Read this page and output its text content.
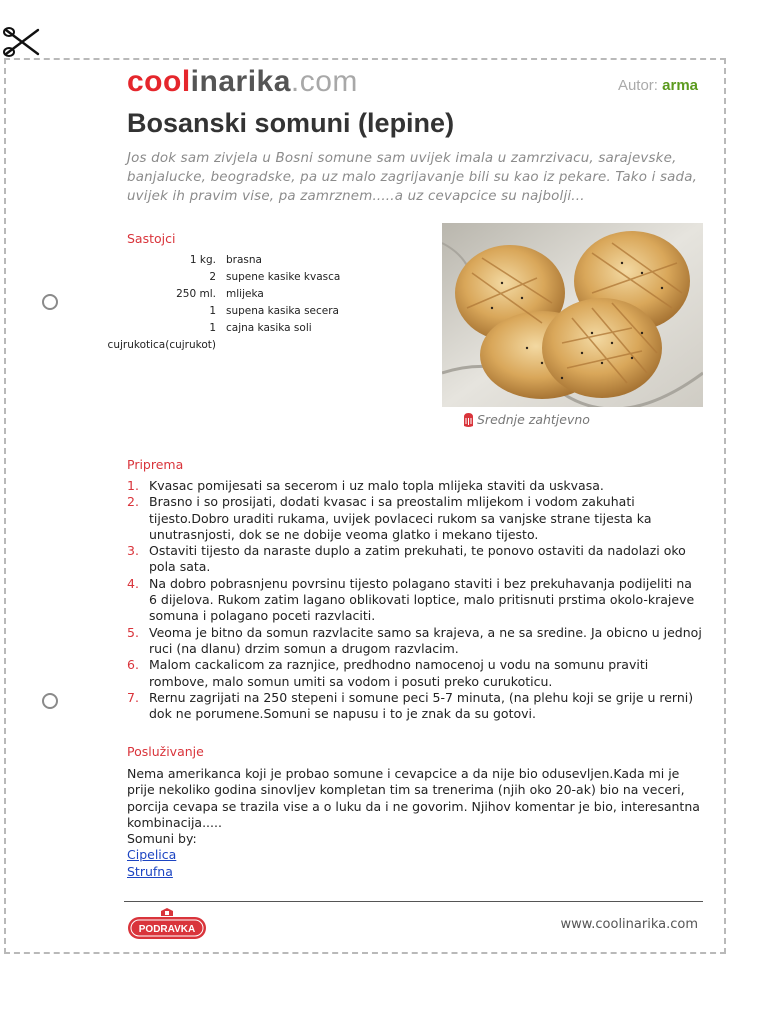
coolinarika.com	Autor: arma
Bosanski somuni (lepine)

Jos dok sam zivjela u Bosni somune sam uvijek imala u zamrzivacu, sarajevske, banjalucke, beogradske, pa uz malo zagrijavanje bili su kao iz pekare. Tako i sada, uvijek ih pravim vise, pa zamrznem.....a uz cevapcice su najbolji...

Sastojci
1 kg. brasna
2 supene kasike kvasca
250 ml. mlijeka
1 supena kasika secera
1 cajna kasika soli
cujrukotica(cujrukot)
Srednje zahtjevno
Priprema
1. Kvasac pomijesati sa secerom i uz malo topla mlijeka staviti da uskvasa.
2. Brasno i so prosijati, dodati kvasac i sa preostalim mlijekom i vodom zakuhati tijesto.Dobro uraditi rukama, uvijek povlaceci rukom sa vanjske strane tijesta ka unutrasnjosti, dok se ne dobije veoma glatko i mekano tijesto.
3. Ostaviti tijesto da naraste duplo a zatim prekuhati, te ponovo ostaviti da nadolazi oko pola sata.
4. Na dobro pobrasnjenu povrsinu tijesto polagano staviti i bez prekuhavanja podijeliti na 6 dijelova. Rukom zatim lagano oblikovati loptice, malo pritisnuti prstima okolo-krajeve somuna i polagano poceti razvlaciti.
5. Veoma je bitno da somun razvlacite samo sa krajeva, a ne sa sredine. Ja obicno u jednoj ruci (na dlanu) drzim somun a drugom razvlacim.
6. Malom cackalicom za raznjice, predhodno namocenoj u vodu na somunu praviti rombove, malo somun umiti sa vodom i posuti preko curukoticu.
7. Rernu zagrijati na 250 stepeni i somune peci 5-7 minuta, (na plehu koji se grije u rerni) dok ne porumene.Somuni se napusu i to je znak da su gotovi.
Posluživanje

Nema amerikanca koji je probao somune i cevapcice a da nije bio odusevljen.Kada mi je prije nekoliko godina sinovljev kompletan tim sa trenerima (njih oko 20-ak) bio na veceri, porcija cevapa se trazila vise a o luku da i ne govorim. Njihov komentar je bio, interesantna kombinacija.....

Somuni by:

Cipelica
Strufna
PODRAVKA	www.coolinarika.com
